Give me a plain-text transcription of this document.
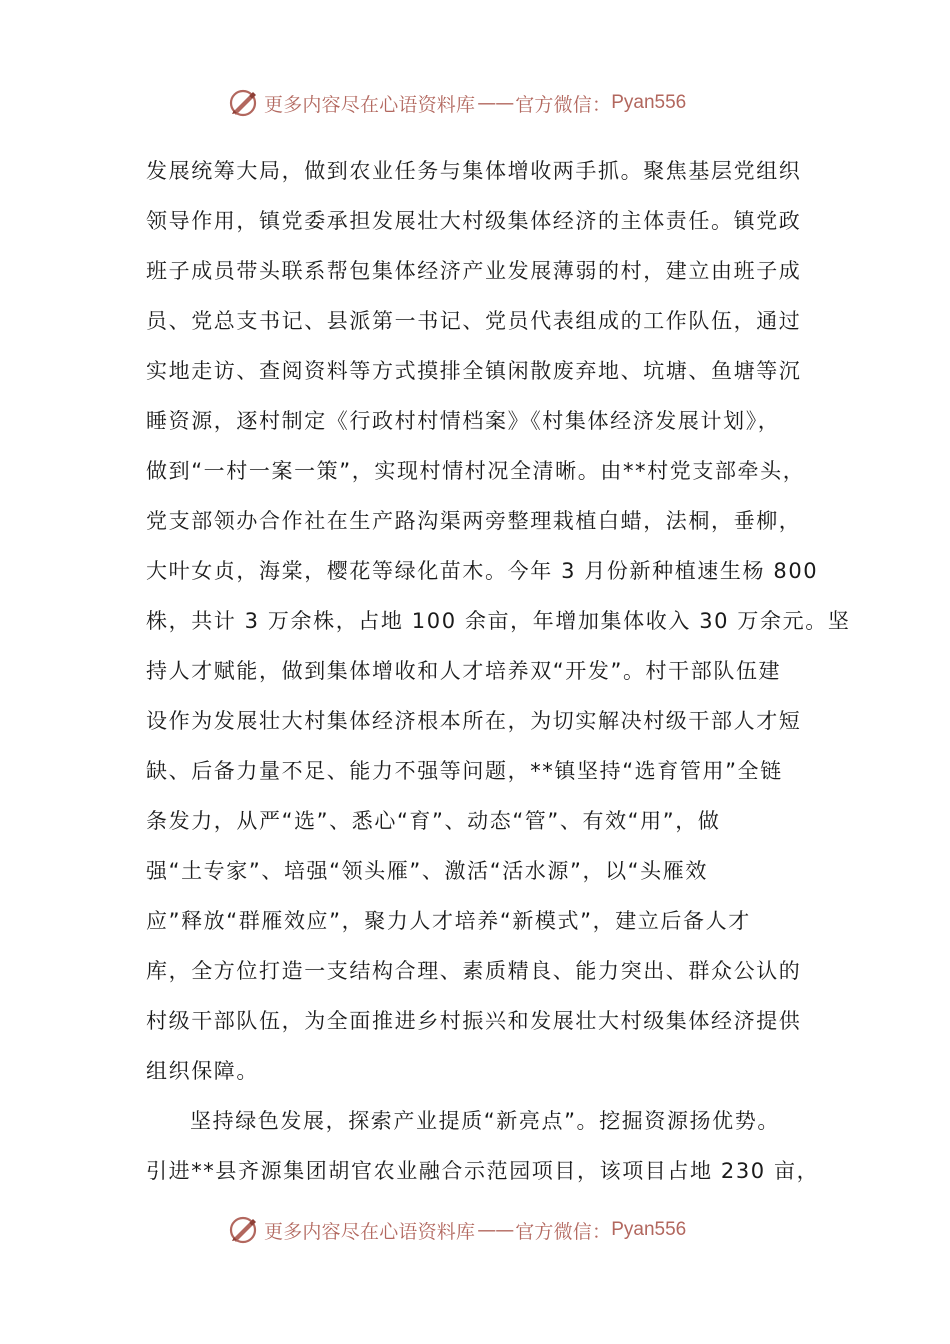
更多内容尽在心语资料库 —— 官方微信： Pyan556
发展统筹大局，做到农业任务与集体增收两手抓。聚焦基层党组织
领导作用，镇党委承担发展壮大村级集体经济的主体责任。镇党政
班子成员带头联系帮包集体经济产业发展薄弱的村，建立由班子成
员、党总支书记、县派第一书记、党员代表组成的工作队伍，通过
实地走访、查阅资料等方式摸排全镇闲散废弃地、坑塘、鱼塘等沉
睡资源，逐村制定《行政村村情档案》《村集体经济发展计划》，
做到“一村一案一策”，实现村情村况全清晰。由**村党支部牵头，
党支部领办合作社在生产路沟渠两旁整理栽植白蜡，法桐，垂柳，
大叶女贞，海棠，樱花等绿化苗木。今年 3 月份新种植速生杨 800
株，共计 3 万余株，占地 100 余亩，年增加集体收入 30 万余元。坚
持人才赋能，做到集体增收和人才培养双“开发”。村干部队伍建
设作为发展壮大村集体经济根本所在，为切实解决村级干部人才短
缺、后备力量不足、能力不强等问题，**镇坚持“选育管用”全链
条发力，从严“选”、悉心“育”、动态“管”、有效“用”，做
强“土专家”、培强“领头雁”、激活“活水源”，以“头雁效
应”释放“群雁效应”，聚力人才培养“新模式”，建立后备人才
库，全方位打造一支结构合理、素质精良、能力突出、群众公认的
村级干部队伍，为全面推进乡村振兴和发展壮大村级集体经济提供
组织保障。
坚持绿色发展，探索产业提质“新亮点”。挖掘资源扬优势。
引进**县齐源集团胡官农业融合示范园项目，该项目占地 230 亩，
更多内容尽在心语资料库 —— 官方微信： Pyan556
